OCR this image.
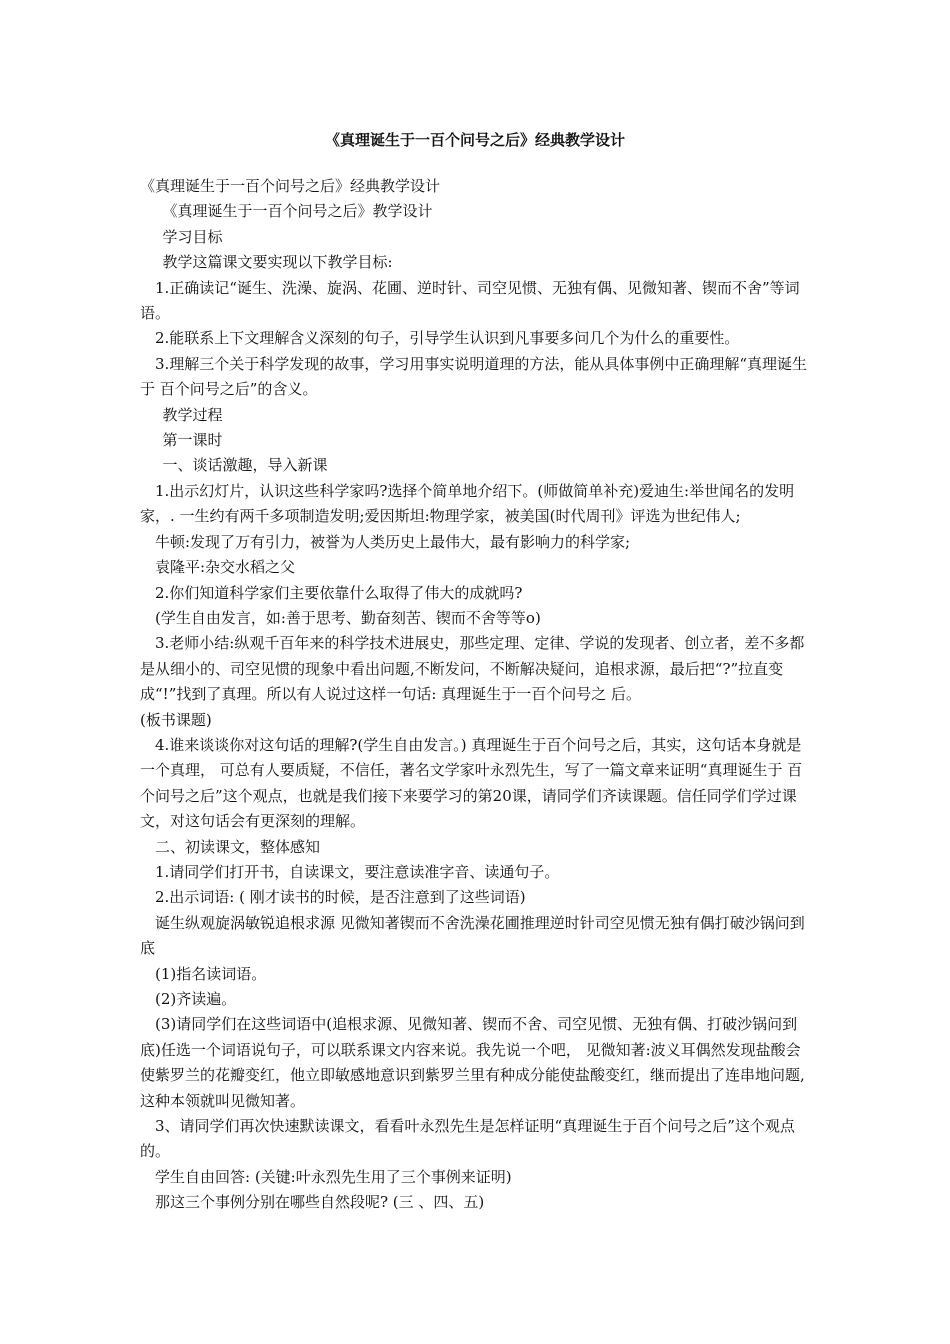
《真理诞生于一百个问号之后》经典教学设计

《真理诞生于一百个问号之后》经典教学设计

《真理诞生于一百个问号之后》教学设计

学习目标

教学这篇课文要实现以下教学目标:

1.正确读记“诞生、洗澡、旋涡、花圃、逆时针、司空见惯、无独有偶、见微知著、锲而不舍”等词语。

2.能联系上下文理解含义深刻的句子，引导学生认识到凡事要多问几个为什么的重要性。

3.理解三个关于科学发现的故事，学习用事实说明道理的方法，能从具体事例中正确理解“真理诞生于 百个问号之后”的含义。

教学过程

第一课时

一、谈话激趣，导入新课

1.出示幻灯片，认识这些科学家吗?选择个简单地介绍下。(师做简单补充)爱迪生:举世闻名的发明家，. 一生约有两千多项制造发明;爱因斯坦:物理学家，被美国(时代周刊》评选为世纪伟人;

牛顿:发现了万有引力，被誉为人类历史上最伟大，最有影响力的科学家;

袁隆平:杂交水稻之父

2.你们知道科学家们主要依靠什么取得了伟大的成就吗?

(学生自由发言，如:善于思考、勤奋刻苦、锲而不舍等等o)

3.老师小结:纵观千百年来的科学技术进展史，那些定理、定律、学说的发现者、创立者，差不多都是从细小的、司空见惯的现象中看出问题,不断发问，不断解决疑问，追根求源，最后把“?”拉直变成“!”找到了真理。所以有人说过这样一句话: 真理诞生于一百个问号之 后。

(板书课题)

4.谁来谈谈你对这句话的理解?(学生自由发言。) 真理诞生于百个问号之后，其实，这句话本身就是一个真理， 可总有人要质疑，不信任，著名文学家叶永烈先生，写了一篇文章来证明“真理诞生于 百个问号之后”这个观点，也就是我们接下来要学习的第20课，请同学们齐读课题。信任同学们学过课文，对这句话会有更深刻的理解。

二、初读课文，整体感知

1.请同学们打开书，自读课文，要注意读准字音、读通句子。

2.出示词语: ( 刚才读书的时候，是否注意到了这些词语)

诞生纵观旋涡敏锐追根求源 见微知著锲而不舍洗澡花圃推理逆时针司空见惯无独有偶打破沙锅问到底

(1)指名读词语。

(2)齐读遍。

(3)请同学们在这些词语中(追根求源、见微知著、锲而不舍、司空见惯、无独有偶、打破沙锅问到底)任选一个词语说句子，可以联系课文内容来说。我先说一个吧， 见微知著:波义耳偶然发现盐酸会使紫罗兰的花瓣变红，他立即敏感地意识到紫罗兰里有种成分能使盐酸变红，继而提出了连串地问题,这种本领就叫见微知著。

3、请同学们再次快速默读课文，看看叶永烈先生是怎样证明“真理诞生于百个问号之后”这个观点的。

学生自由回答: (关键:叶永烈先生用了三个事例来证明)

那这三个事例分别在哪些自然段呢? (三 、四、五)
